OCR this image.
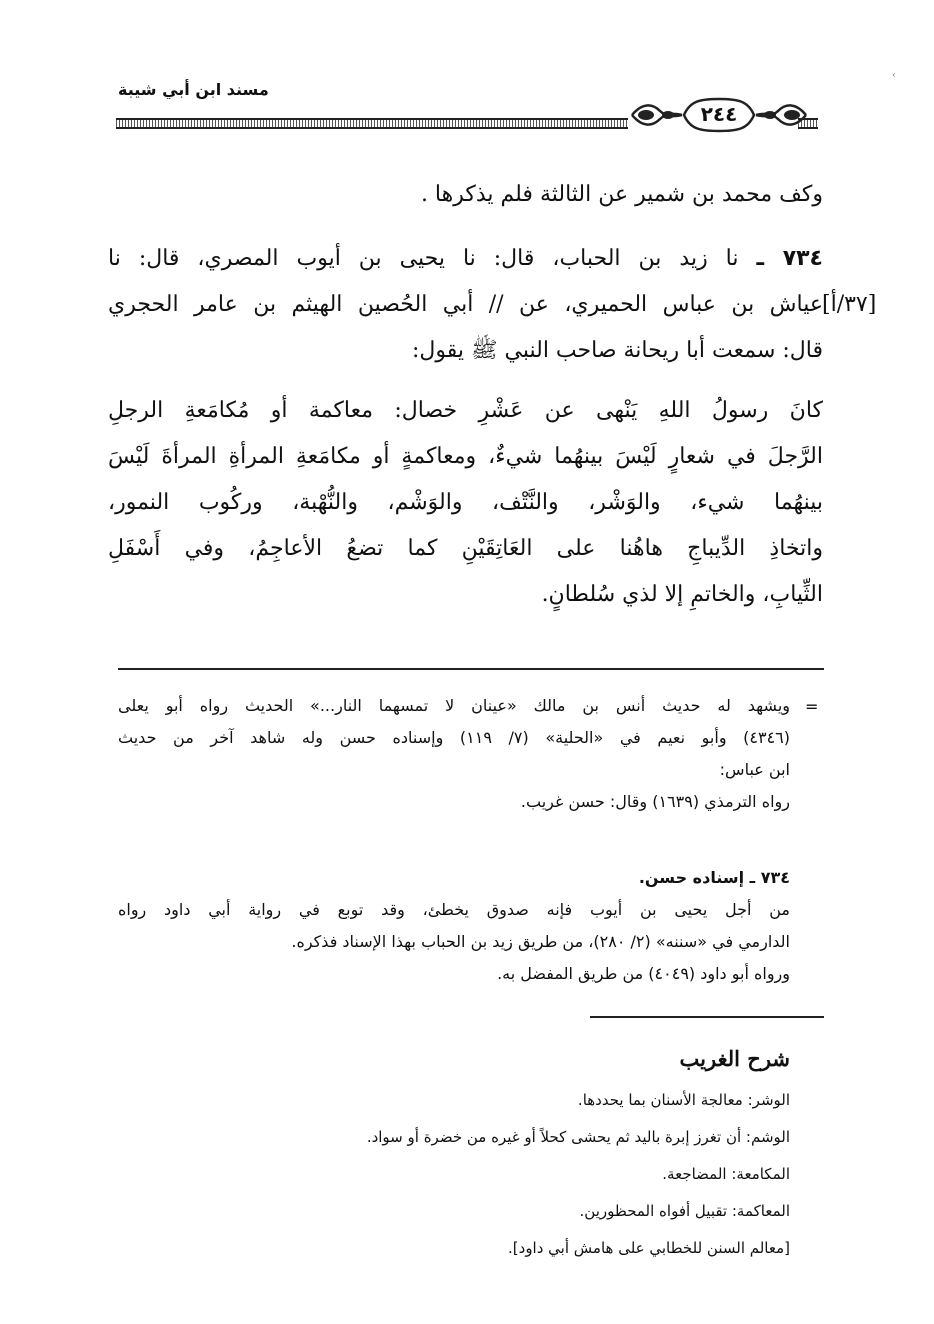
مسند ابن أبي شيبة
٢٤٤
‹
وكف محمد بن شمير عن الثالثة فلم يذكرها .
٧٣٤ ـ نا زيد بن الحباب، قال: نا يحيى بن أيوب المصري، قال: نا
عياش بن عباس الحميري، عن // أبي الحُصين الهيثم بن عامر الحجري
قال: سمعت أبا ريحانة صاحب النبي ﷺ يقول:
[٣٧/أ]
كانَ رسولُ اللهِ يَنْهى عن عَشْرِ خصال: معاكمة أو مُكامَعةِ الرجلِ
الرَّجلَ في شعارٍ لَيْسَ بينهُما شيءٌ، ومعاكمةٍ أو مكامَعةِ المرأةِ المرأةَ لَيْسَ
بينهُما شيء، والوَشْر، والنَّتْف، والوَشْم، والنُّهْبة، وركُوب النمور،
واتخاذِ الدِّيباجِ هاهُنا على العَاتِقَيْنِ كما تضعُ الأعاجِمُ، وفي أَسْفَلِ
الثِّيابِ، والخاتمِ إلا لذي سُلطانٍ.
=
ويشهد له حديث أنس بن مالك «عينان لا تمسهما النار...» الحديث رواه أبو يعلى
(٤٣٤٦) وأبو نعيم في «الحلية» (٧/ ١١٩) وإسناده حسن وله شاهد آخر من حديث
ابن عباس:
رواه الترمذي (١٦٣٩) وقال: حسن غريب.
٧٣٤ ـ إسناده حسن.
من أجل يحيى بن أيوب فإنه صدوق يخطئ، وقد توبع في رواية أبي داود رواه
الدارمي في «سننه» (٢/ ٢٨٠)، من طريق زيد بن الحباب بهذا الإسناد فذكره.
ورواه أبو داود (٤٠٤٩) من طريق المفضل به.
شرح الغريب
الوشر: معالجة الأسنان بما يحددها.
الوشم: أن تغرز إبرة باليد ثم يحشى كحلاً أو غيره من خضرة أو سواد.
المكامعة: المضاجعة.
المعاكمة: تقبيل أفواه المحظورين.
[معالم السنن للخطابي على هامش أبي داود].
